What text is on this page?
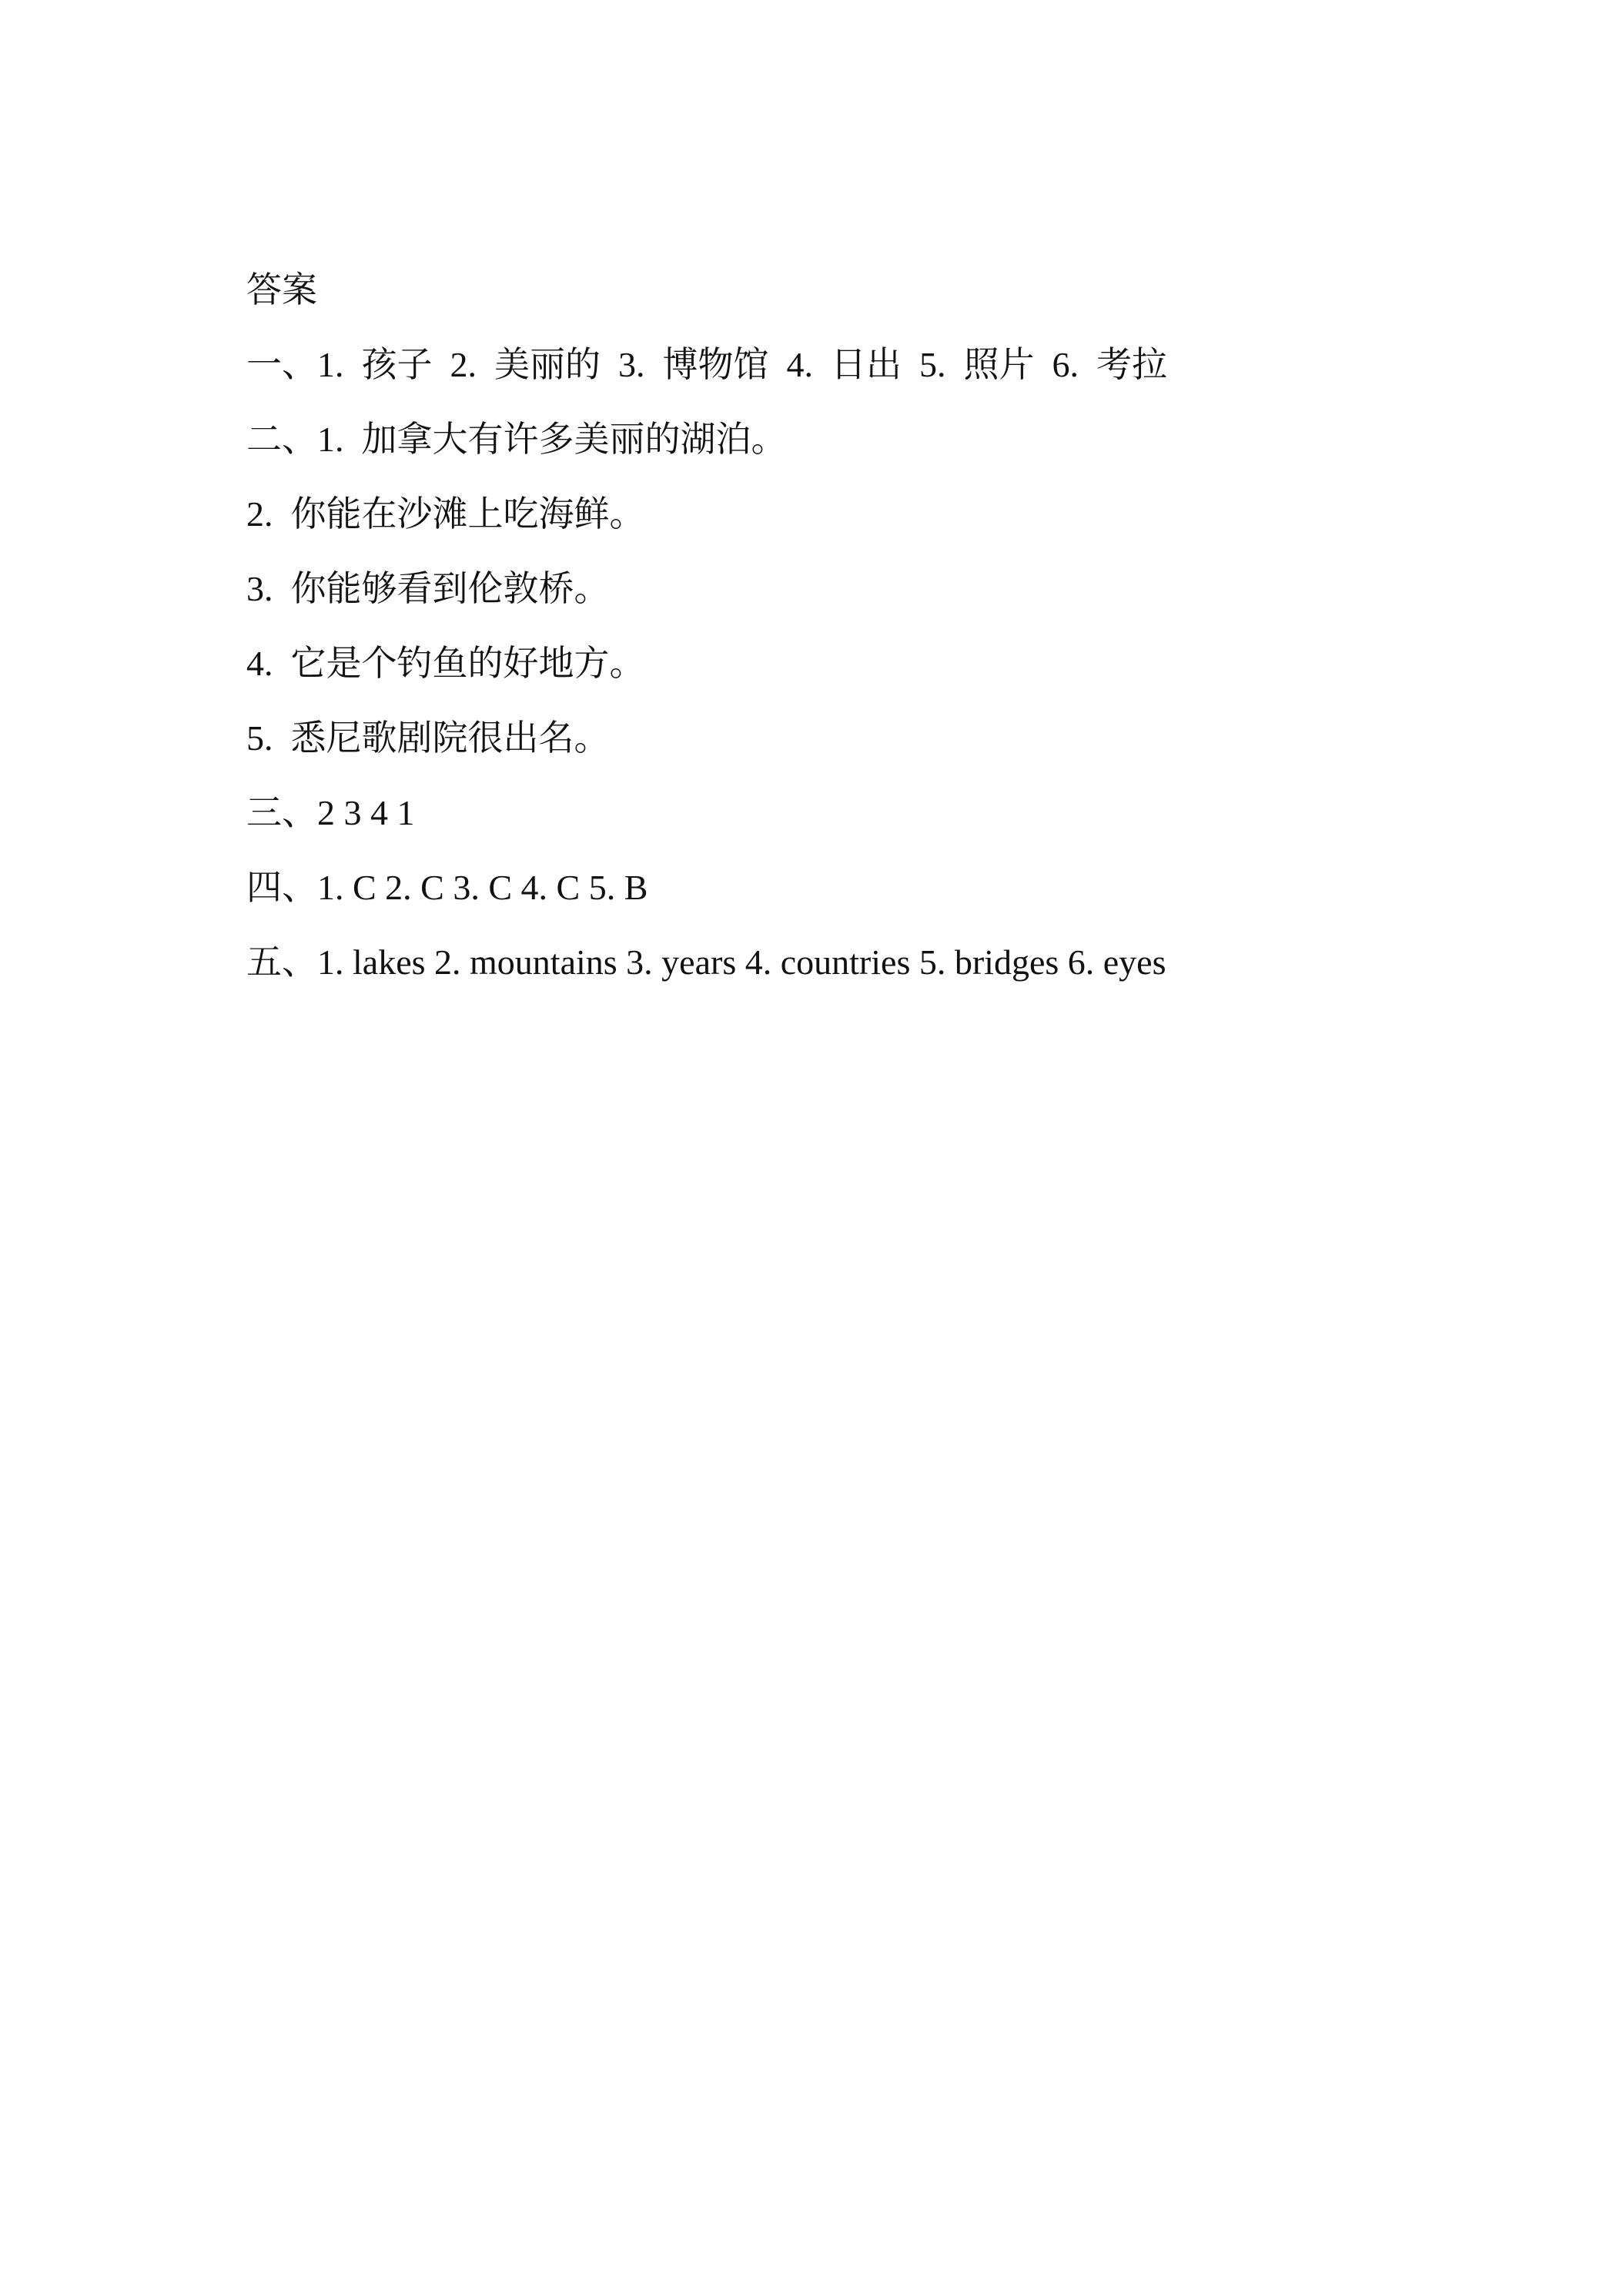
答案

一、1.  孩子  2.  美丽的  3.  博物馆  4.  日出  5.  照片  6.  考拉

二、1.  加拿大有许多美丽的湖泊。

2.  你能在沙滩上吃海鲜。

3.  你能够看到伦敦桥。

4.  它是个钓鱼的好地方。

5.  悉尼歌剧院很出名。

三、2 3 4 1

四、1. C 2. C 3. C 4. C 5. B

五、1. lakes 2. mountains 3. years 4. countries 5. bridges 6. eyes
